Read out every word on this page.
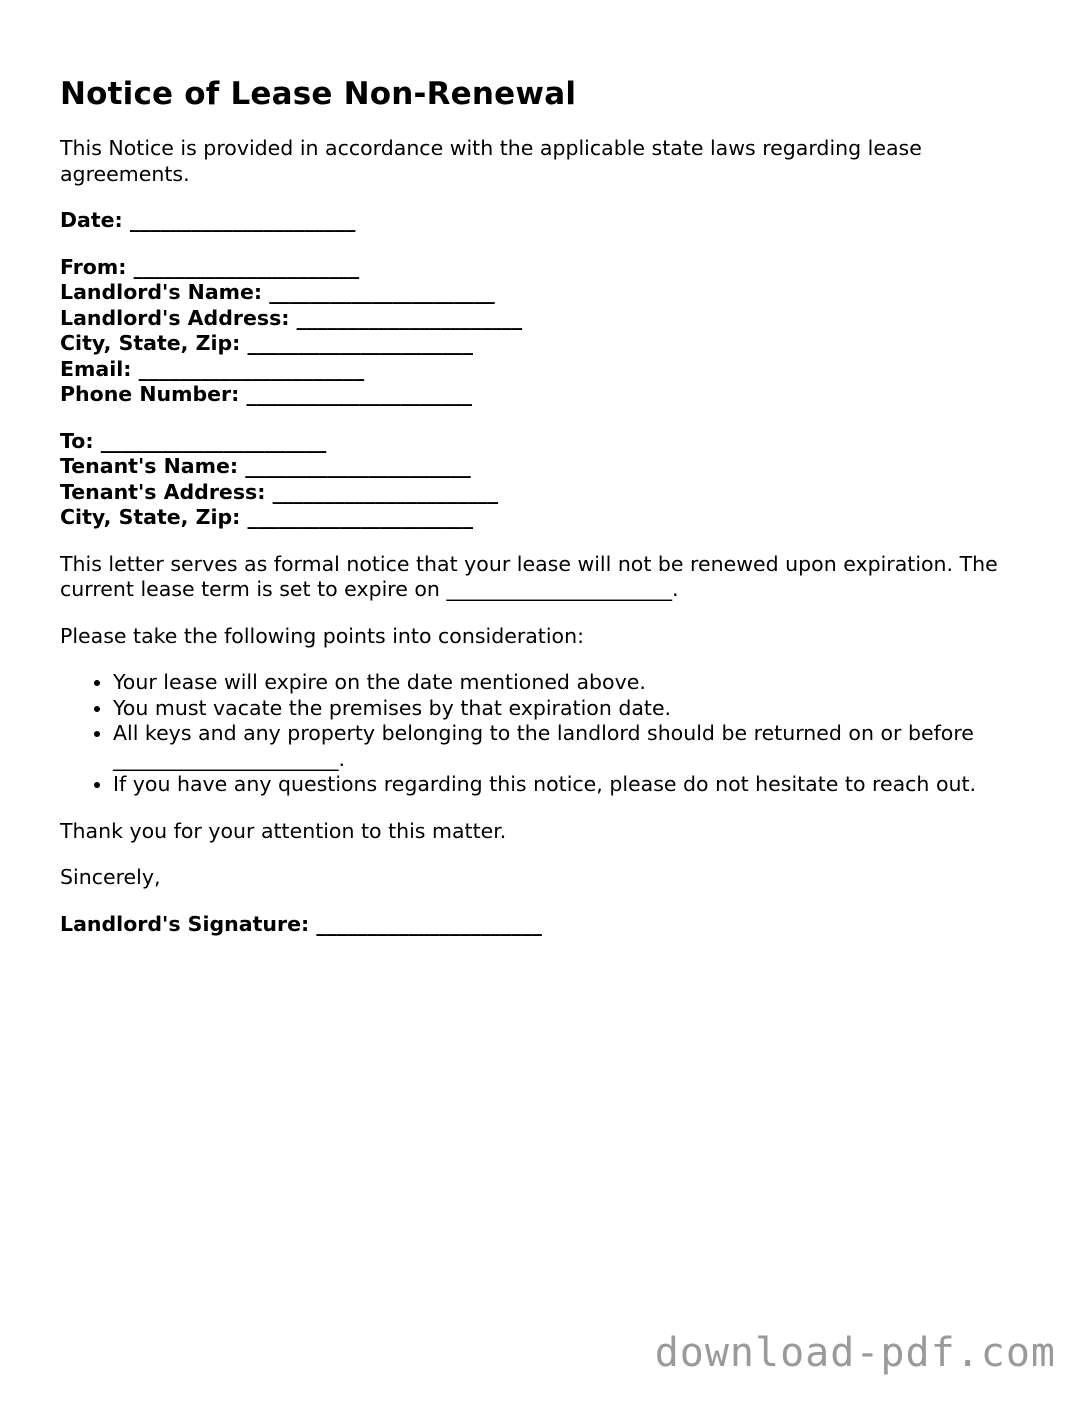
Notice of Lease Non-Renewal

This Notice is provided in accordance with the applicable state laws regarding lease agreements.

Date: ______________________
From: ______________________
Landlord's Name: ______________________
Landlord's Address: ______________________
City, State, Zip: ______________________
Email: ______________________
Phone Number: ______________________
To: ______________________
Tenant's Name: ______________________
Tenant's Address: ______________________
City, State, Zip: ______________________

This letter serves as formal notice that your lease will not be renewed upon expiration. The current lease term is set to expire on ______________________.

Please take the following points into consideration:

• Your lease will expire on the date mentioned above.
• You must vacate the premises by that expiration date.
• All keys and any property belonging to the landlord should be returned on or before ______________________.
• If you have any questions regarding this notice, please do not hesitate to reach out.

Thank you for your attention to this matter.

Sincerely,

Landlord's Signature: ______________________
download-pdf.com
